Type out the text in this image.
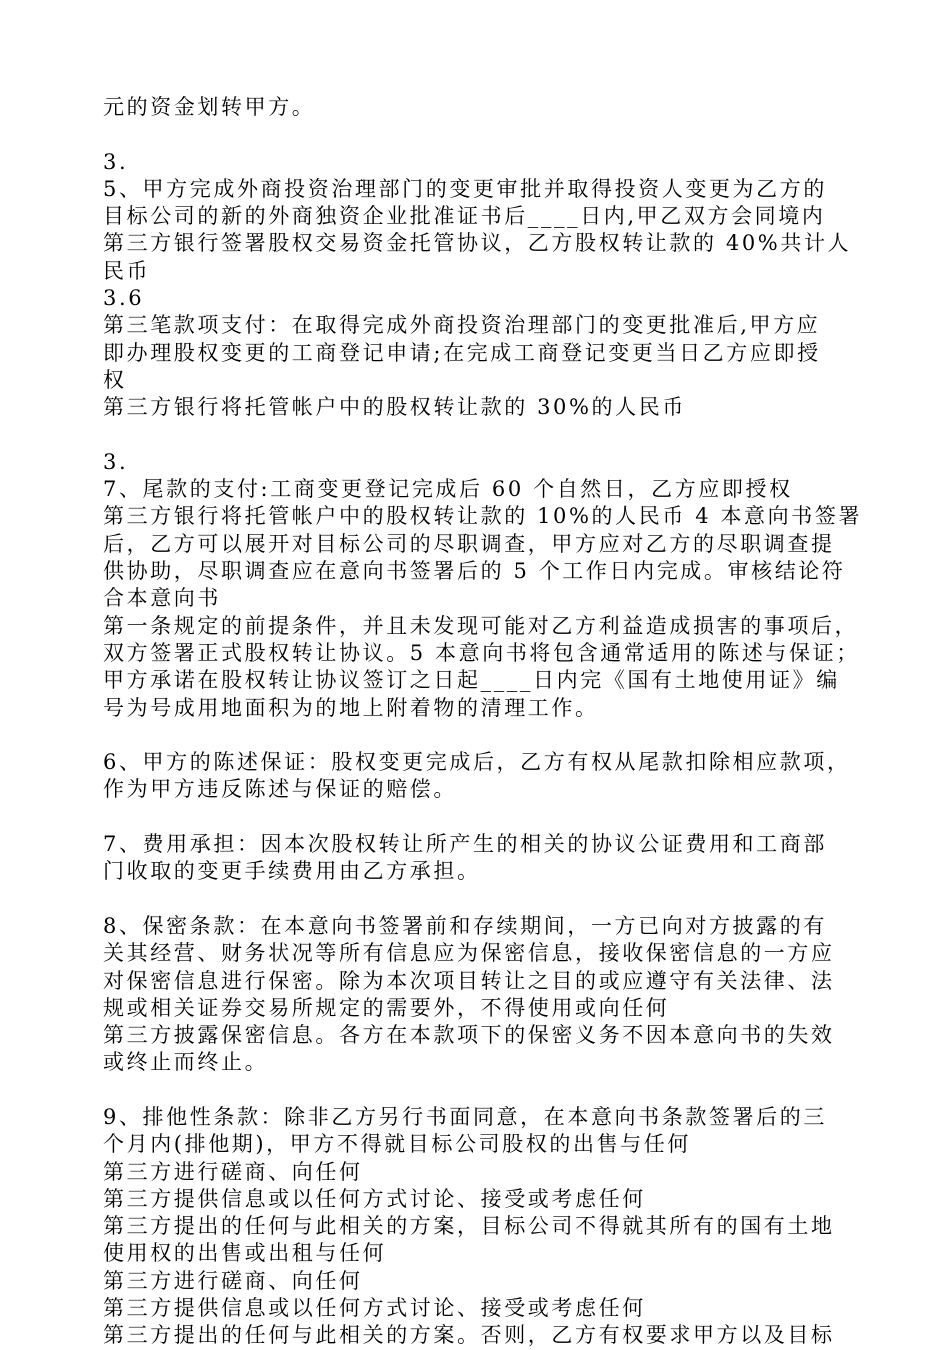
元的资金划转甲方。
3.
5、甲方完成外商投资治理部门的变更审批并取得投资人变更为乙方的
目标公司的新的外商独资企业批准证书后____日内,甲乙双方会同境内
第三方银行签署股权交易资金托管协议，乙方股权转让款的 40%共计人
民币
3.6
第三笔款项支付：在取得完成外商投资治理部门的变更批准后,甲方应
即办理股权变更的工商登记申请;在完成工商登记变更当日乙方应即授
权
第三方银行将托管帐户中的股权转让款的 30%的人民币
3.
7、尾款的支付:工商变更登记完成后 60 个自然日，乙方应即授权
第三方银行将托管帐户中的股权转让款的 10%的人民币 4 本意向书签署
后，乙方可以展开对目标公司的尽职调查，甲方应对乙方的尽职调查提
供协助，尽职调查应在意向书签署后的 5 个工作日内完成。审核结论符
合本意向书
第一条规定的前提条件，并且未发现可能对乙方利益造成损害的事项后，
双方签署正式股权转让协议。5 本意向书将包含通常适用的陈述与保证；
甲方承诺在股权转让协议签订之日起____日内完《国有土地使用证》编
号为号成用地面积为的地上附着物的清理工作。
6、甲方的陈述保证：股权变更完成后，乙方有权从尾款扣除相应款项，
作为甲方违反陈述与保证的赔偿。
7、费用承担：因本次股权转让所产生的相关的协议公证费用和工商部
门收取的变更手续费用由乙方承担。
8、保密条款：在本意向书签署前和存续期间，一方已向对方披露的有
关其经营、财务状况等所有信息应为保密信息，接收保密信息的一方应
对保密信息进行保密。除为本次项目转让之目的或应遵守有关法律、法
规或相关证券交易所规定的需要外，不得使用或向任何
第三方披露保密信息。各方在本款项下的保密义务不因本意向书的失效
或终止而终止。
9、排他性条款：除非乙方另行书面同意，在本意向书条款签署后的三
个月内(排他期)，甲方不得就目标公司股权的出售与任何
第三方进行磋商、向任何
第三方提供信息或以任何方式讨论、接受或考虑任何
第三方提出的任何与此相关的方案，目标公司不得就其所有的国有土地
使用权的出售或出租与任何
第三方进行磋商、向任何
第三方提供信息或以任何方式讨论、接受或考虑任何
第三方提出的任何与此相关的方案。否则，乙方有权要求甲方以及目标
